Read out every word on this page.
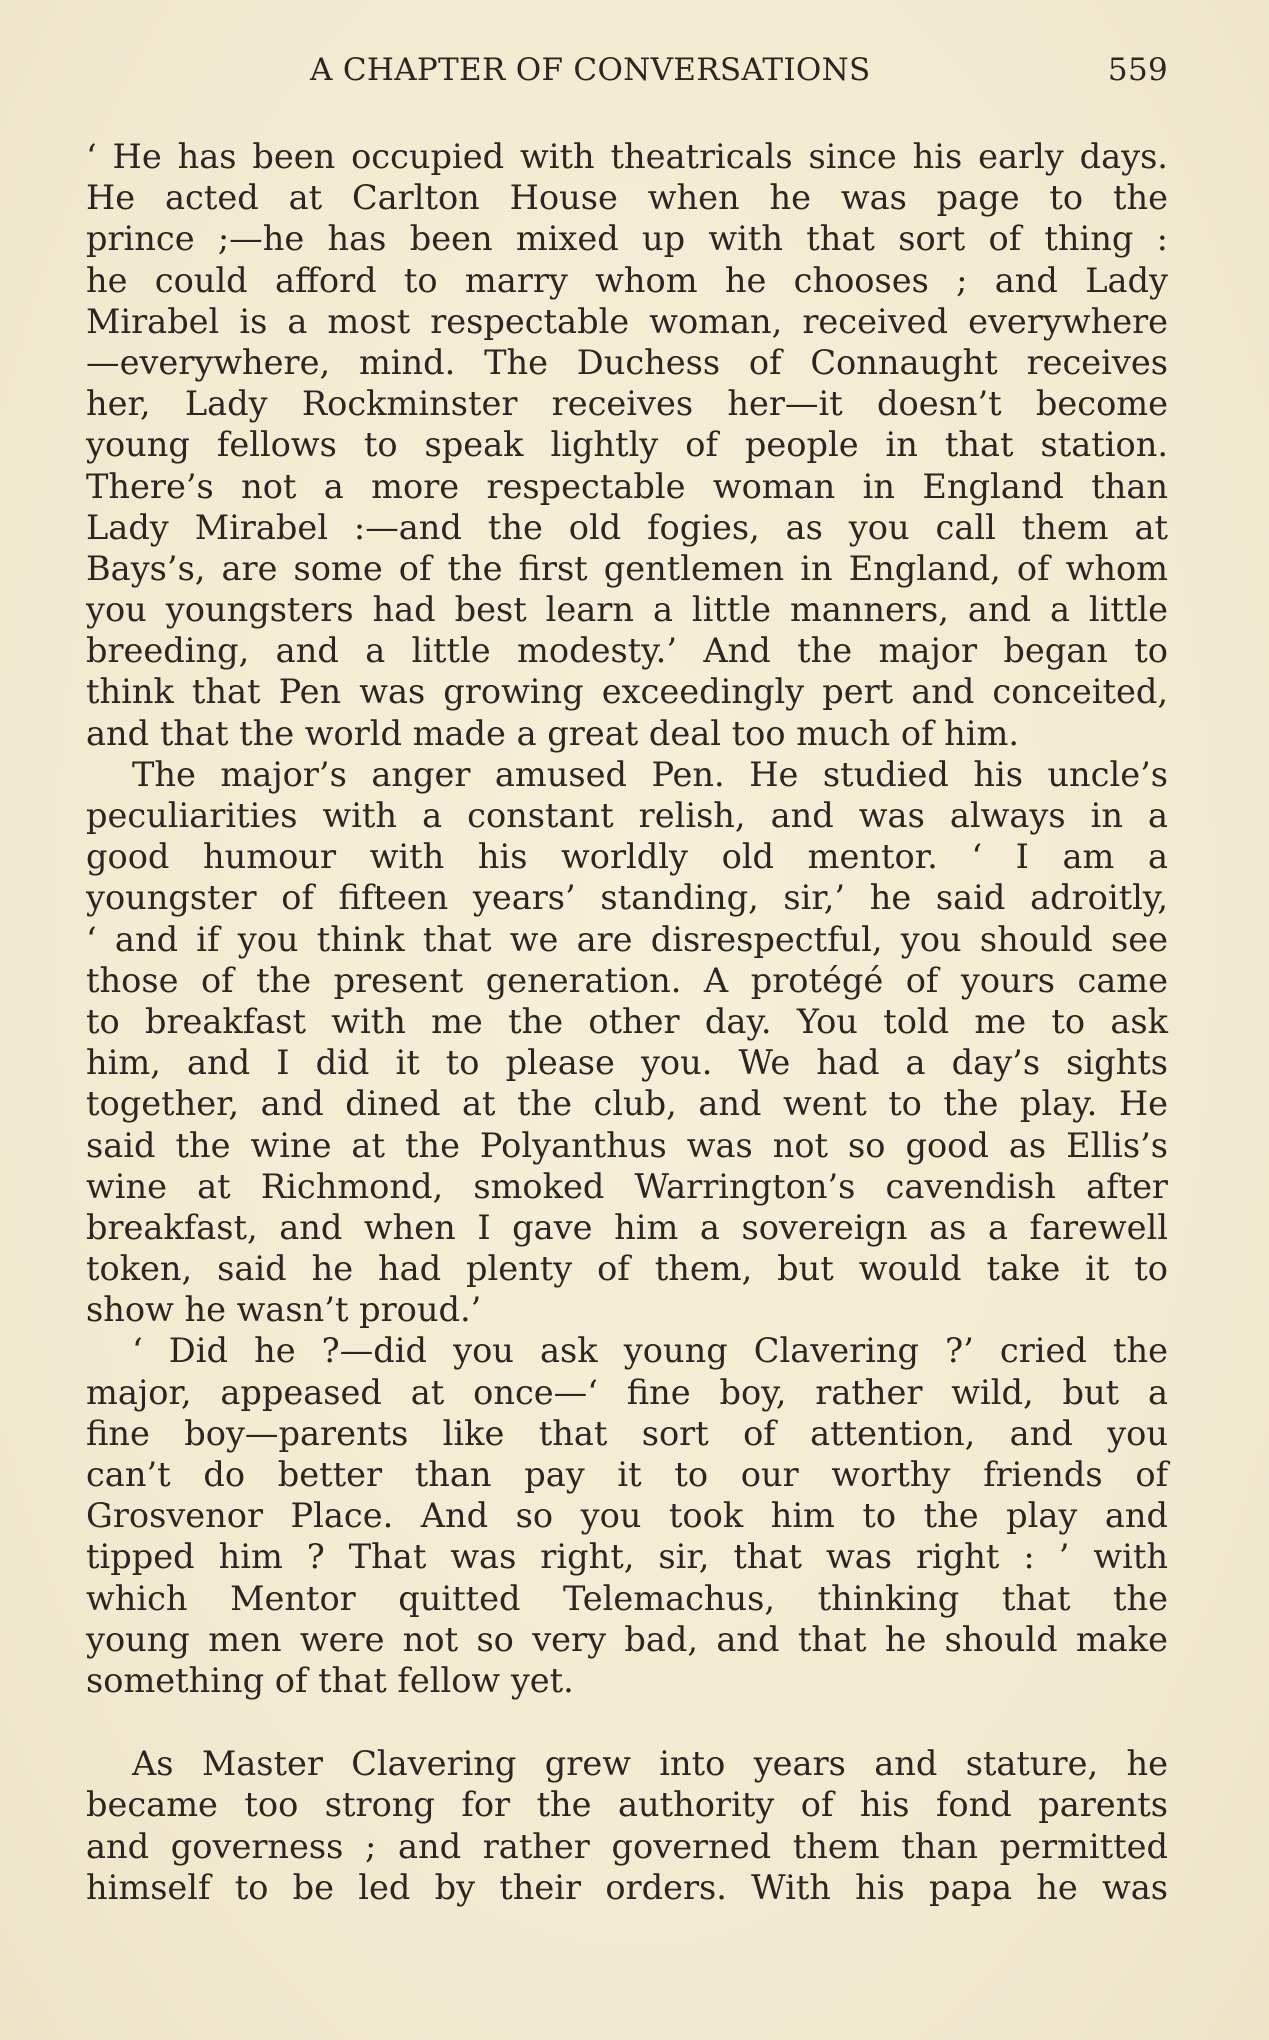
A CHAPTER OF CONVERSATIONS	559
‘ He has been occupied with theatricals since his early days.
He acted at Carlton House when he was page to the
prince ;—he has been mixed up with that sort of thing :
he could afford to marry whom he chooses ; and Lady
Mirabel is a most respectable woman, received everywhere
—everywhere, mind. The Duchess of Connaught receives
her, Lady Rockminster receives her—it doesn’t become
young fellows to speak lightly of people in that station.
There’s not a more respectable woman in England than
Lady Mirabel :—and the old fogies, as you call them at
Bays’s, are some of the first gentlemen in England, of whom
you youngsters had best learn a little manners, and a little
breeding, and a little modesty.’ And the major began to
think that Pen was growing exceedingly pert and conceited,
and that the world made a great deal too much of him.
The major’s anger amused Pen. He studied his uncle’s
peculiarities with a constant relish, and was always in a
good humour with his worldly old mentor. ‘ I am a
youngster of fifteen years’ standing, sir,’ he said adroitly,
‘ and if you think that we are disrespectful, you should see
those of the present generation. A protégé of yours came
to breakfast with me the other day. You told me to ask
him, and I did it to please you. We had a day’s sights
together, and dined at the club, and went to the play. He
said the wine at the Polyanthus was not so good as Ellis’s
wine at Richmond, smoked Warrington’s cavendish after
breakfast, and when I gave him a sovereign as a farewell
token, said he had plenty of them, but would take it to
show he wasn’t proud.’
‘ Did he ?—did you ask young Clavering ?’ cried the
major, appeased at once—‘ fine boy, rather wild, but a
fine boy—parents like that sort of attention, and you
can’t do better than pay it to our worthy friends of
Grosvenor Place. And so you took him to the play and
tipped him ? That was right, sir, that was right : ’ with
which Mentor quitted Telemachus, thinking that the
young men were not so very bad, and that he should make
something of that fellow yet.
As Master Clavering grew into years and stature, he
became too strong for the authority of his fond parents
and governess ; and rather governed them than permitted
himself to be led by their orders. With his papa he was
